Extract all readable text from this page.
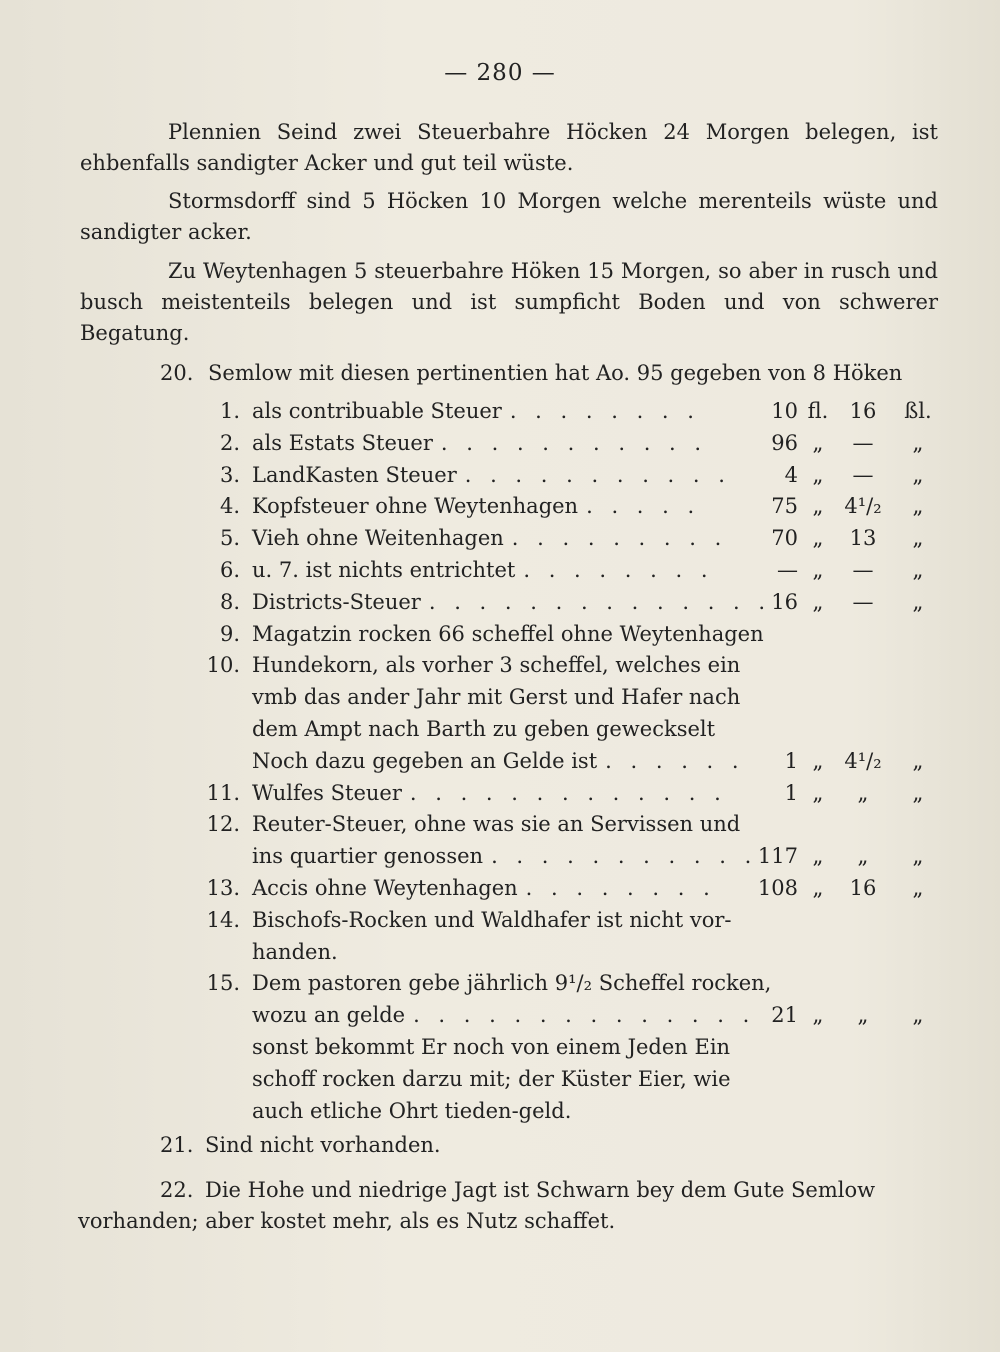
— 280 —
Plennien Seind zwei Steuerbahre Höcken 24 Morgen belegen, ist ehbenfalls sandigter Acker und gut teil wüste.
Stormsdorff sind 5 Höcken 10 Morgen welche merenteils wüste und sandigter acker.
Zu Weytenhagen 5 steuerbahre Höken 15 Morgen, so aber in rusch und busch meistenteils belegen und ist sumpficht Boden und von schwerer Begatung.
20. Semlow mit diesen pertinentien hat Ao. 95 gegeben von 8 Höken
1. als contribuable Steuer . . . . . . . .	10 fl.	16	ßl.
2. als Estats Steuer . . . . . . . . . . .	96 „	—	„
3. LandKasten Steuer . . . . . . . . . . .	4 „	—	„
4. Kopfsteuer ohne Weytenhagen . . . . .	75 „ 4¹/₂	„
5. Vieh ohne Weitenhagen . . . . . . . . .	70 „	13	„
6. u. 7. ist nichts entrichtet . . . . . . . .	— „	—	„
8. Districts-Steuer . . . . . . . . . . . . . . 16 „	—	„
9. Magatzin rocken 66 scheffel ohne Weytenhagen
10. Hundekorn, als vorher 3 scheffel, welches ein
vmb das ander Jahr mit Gerst und Hafer nach
dem Ampt nach Barth zu geben geweckselt
Noch dazu gegeben an Gelde ist . . . . . .	1 „ 4¹/₂	„
11. Wulfes Steuer . . . . . . . . . . . . .	1 „	„	„
12. Reuter-Steuer, ohne was sie an Servissen und
ins quartier genossen . . . . . . . . . . . 117 „	„	„
13. Accis ohne Weytenhagen . . . . . . . .	108 „	16	„
14. Bischofs-Rocken und Waldhafer ist nicht vor-
handen.
15. Dem pastoren gebe jährlich 9¹/₂ Scheffel rocken,
wozu an gelde . . . . . . . . . . . . . . 21 „	„	„
sonst bekommt Er noch von einem Jeden Ein
schoff rocken darzu mit; der Küster Eier, wie
auch etliche Ohrt tieden-geld.
21. Sind nicht vorhanden.
22. Die Hohe und niedrige Jagt ist Schwarn bey dem Gute Semlow
vorhanden; aber kostet mehr, als es Nutz schaffet.
